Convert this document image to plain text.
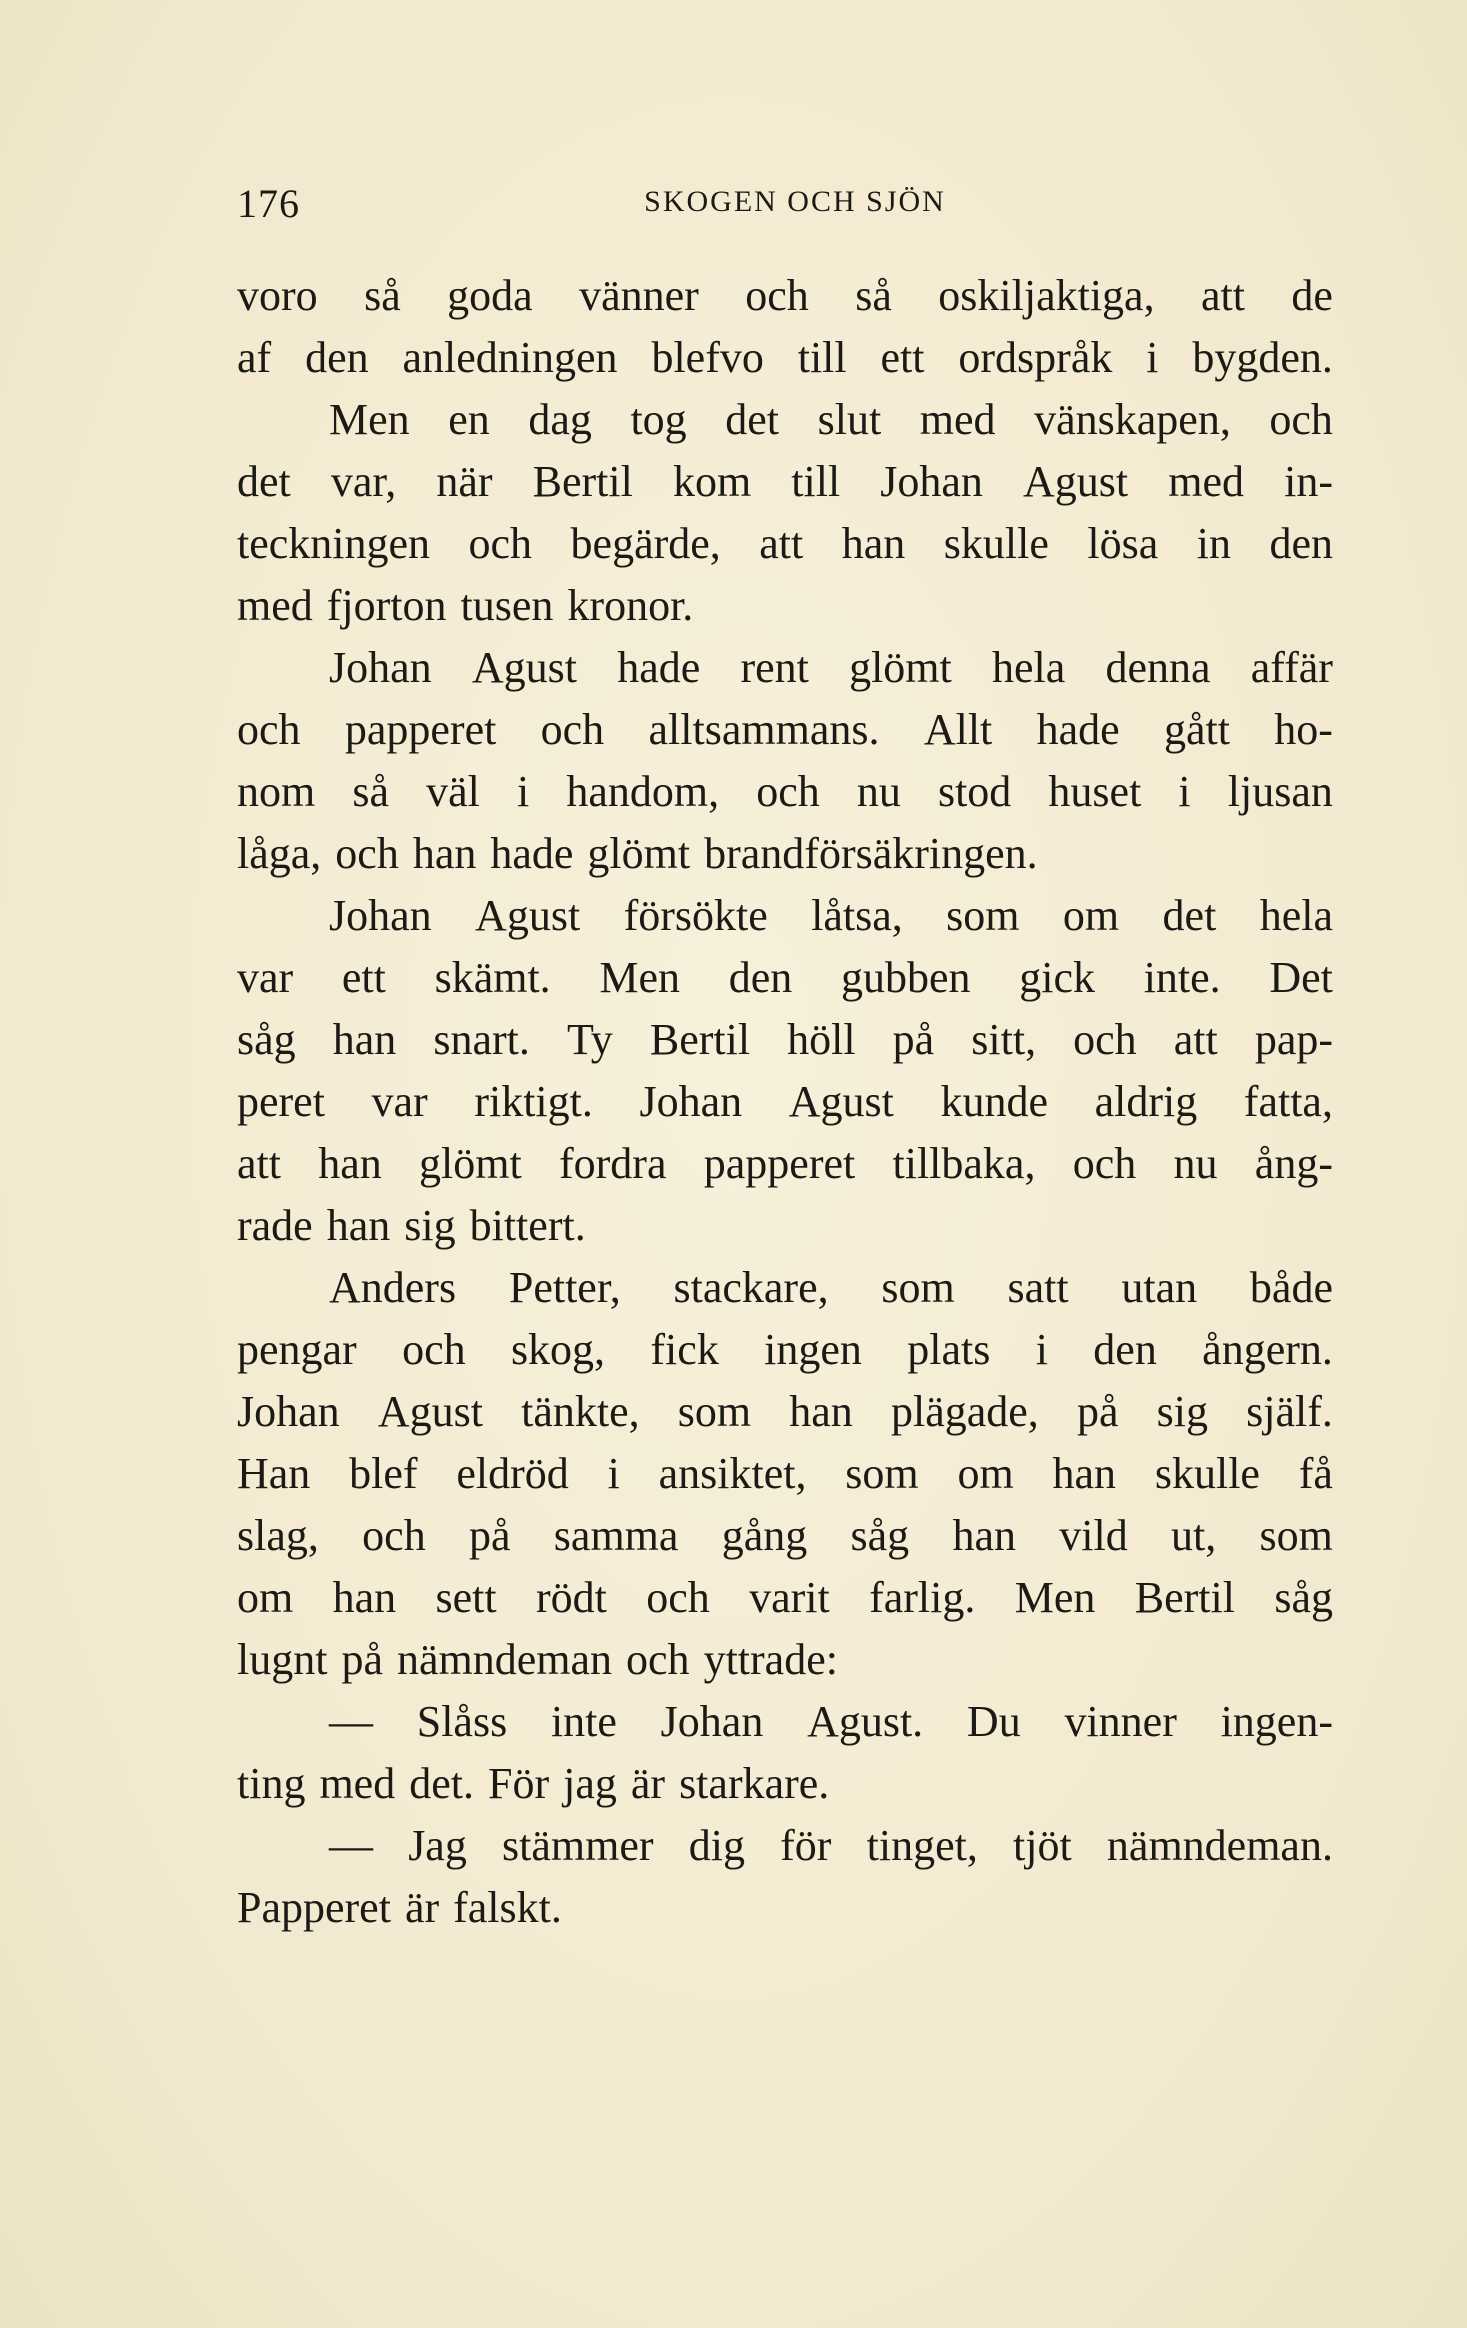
176	SKOGEN OCH SJÖN
voro så goda vänner och så oskiljaktiga, att de
af den anledningen blefvo till ett ordspråk i bygden.
Men en dag tog det slut med vänskapen, och
det var, när Bertil kom till Johan Agust med in-
teckningen och begärde, att han skulle lösa in den
med fjorton tusen kronor.
Johan Agust hade rent glömt hela denna affär
och papperet och alltsammans. Allt hade gått ho-
nom så väl i handom, och nu stod huset i ljusan
låga, och han hade glömt brandförsäkringen.
Johan Agust försökte låtsa, som om det hela
var ett skämt. Men den gubben gick inte. Det
såg han snart. Ty Bertil höll på sitt, och att pap-
peret var riktigt. Johan Agust kunde aldrig fatta,
att han glömt fordra papperet tillbaka, och nu ång-
rade han sig bittert.
Anders Petter, stackare, som satt utan både
pengar och skog, fick ingen plats i den ångern.
Johan Agust tänkte, som han plägade, på sig själf.
Han blef eldröd i ansiktet, som om han skulle få
slag, och på samma gång såg han vild ut, som
om han sett rödt och varit farlig. Men Bertil såg
lugnt på nämndeman och yttrade:
— Slåss inte Johan Agust. Du vinner ingen-
ting med det. För jag är starkare.
— Jag stämmer dig för tinget, tjöt nämndeman.
Papperet är falskt.
